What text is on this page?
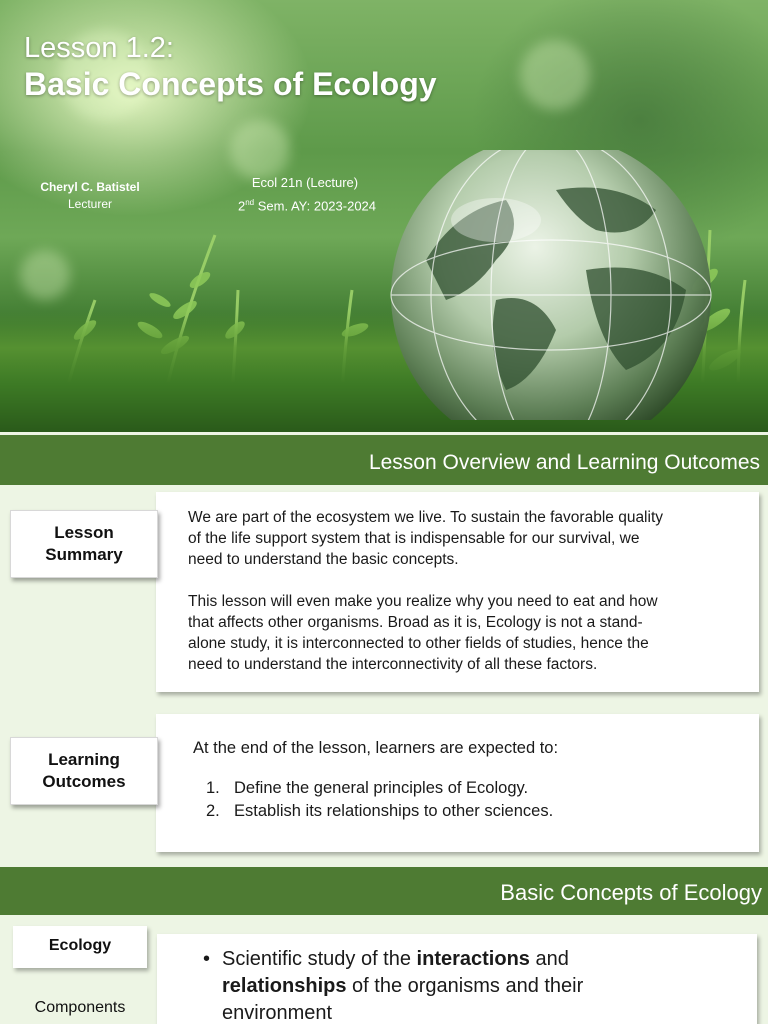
Lesson 1.2:
Basic Concepts of Ecology
Cheryl C. Batistel
Lecturer
Ecol 21n (Lecture)
2nd Sem. AY: 2023-2024
Lesson Overview and Learning Outcomes
Lesson
Summary
We are part of the ecosystem we live. To sustain the favorable quality
of the life support system that is indispensable for our survival, we
need to understand the basic concepts.
This lesson will even make you realize why you need to eat and how
that affects other organisms. Broad as it is, Ecology is not a stand-
alone study, it is interconnected to other fields of studies, hence the
need to understand the interconnectivity of all these factors.
Learning
Outcomes
At the end of the lesson, learners are expected to:
1. Define the general principles of Ecology.
2. Establish its relationships to other sciences.
Basic Concepts of Ecology
Ecology
Components
• Scientific study of the interactions and
relationships of the organisms and their
environment
